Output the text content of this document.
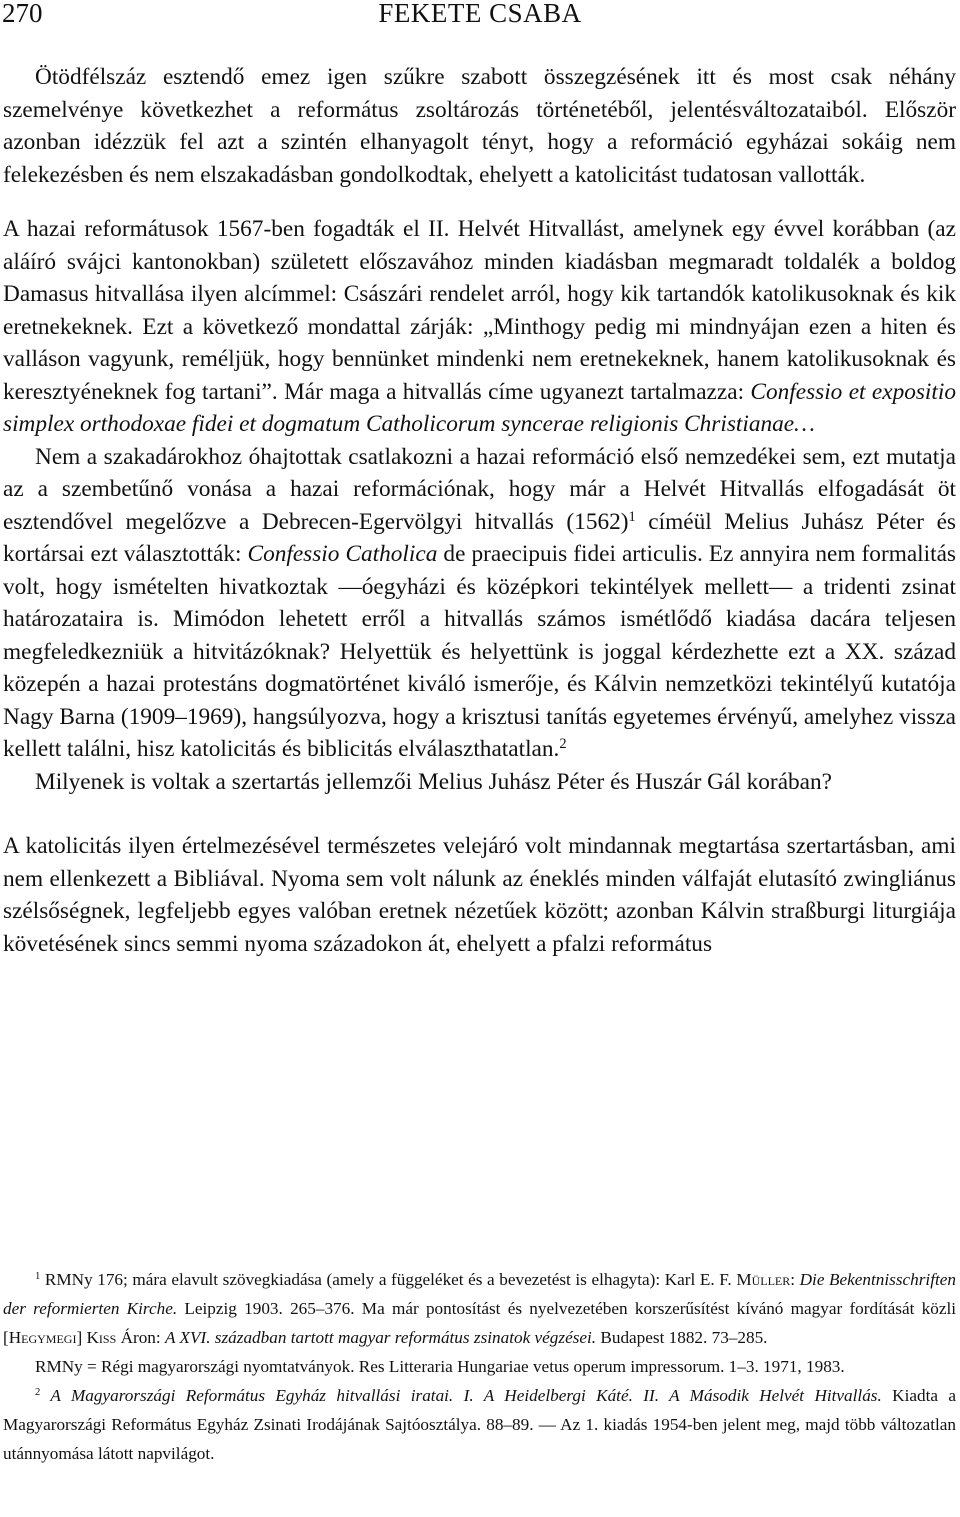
270	FEKETE CSABA

Ötödfélszáz esztendő emez igen szűkre szabott összegzésének itt és most csak néhány szemelvénye következhet a református zsoltározás történetéből, jelentésváltozataiból. Először azonban idézzük fel azt a szintén elhanyagolt tényt, hogy a reformáció egyházai sokáig nem felekezésben és nem elszakadásban gondolkodtak, ehelyett a katolicitást tudatosan vallották.

A hazai reformátusok 1567-ben fogadták el II. Helvét Hitvallást, amelynek egy évvel korábban (az aláíró svájci kantonokban) született előszavához minden kiadásban megmaradt toldalék a boldog Damasus hitvallása ilyen alcímmel: Császári rendelet arról, hogy kik tartandók katolikusoknak és kik eretnekeknek. Ezt a következő mondattal zárják: „Minthogy pedig mi mindnyájan ezen a hiten és valláson vagyunk, reméljük, hogy bennünket mindenki nem eretnekeknek, hanem katolikusoknak és keresztyéneknek fog tartani”. Már maga a hitvallás címe ugyanezt tartalmazza: Confessio et expositio simplex orthodoxae fidei et dogmatum Catholicorum syncerae religionis Christianae…

Nem a szakadárokhoz óhajtottak csatlakozni a hazai reformáció első nemzedékei sem, ezt mutatja az a szembetűnő vonása a hazai reformációnak, hogy már a Helvét Hitvallás elfogadását öt esztendővel megelőzve a Debrecen-Egervölgyi hitvallás $(1562)^1$ címéül Melius Juhász Péter és kortársai ezt választották: Confessio Catholica de praecipuis fidei articulis. Ez annyira nem formalitás volt, hogy ismételten hivatkoztak —óegyházi és középkori tekintélyek mellett— a tridenti zsinat határozataira is. Mimódon lehetett erről a hitvallás számos ismétlődő kiadása dacára teljesen megfeledkezniük a hitvitázóknak? Helyettük és helyettünk is joggal kérdezhette ezt a XX. század közepén a hazai protestáns dogmatörténet kiváló ismerője, és Kálvin nemzetközi tekintélyű kutatója Nagy Barna (1909–1969), hangsúlyozva, hogy a krisztusi tanítás egyetemes érvényű, amelyhez vissza kellett találni, hisz katolicitás és biblicitás elválaszthatatlan.$^2$

Milyenek is voltak a szertartás jellemzői Melius Juhász Péter és Huszár Gál korában?

A katolicitás ilyen értelmezésével természetes velejáró volt mindannak megtartása szertartásban, ami nem ellenkezett a Bibliával. Nyoma sem volt nálunk az éneklés minden válfaját elutasító zwingliánus szélsőségnek, legfeljebb egyes valóban eretnek nézetűek között; azonban Kálvin straßburgi liturgiája követésének sincs semmi nyoma századokon át, ehelyett a pfalzi református

$^1$ RMNy 176; mára elavult szövegkiadása (amely a függeléket és a bevezetést is elhagyta): Karl E. F. Müller: Die Bekentnisschriften der reformierten Kirche. Leipzig 1903. 265–376. Ma már pontosítást és nyelvezetében korszerűsítést kívánó magyar fordítását közli [Hegymegi] Kiss Áron: A XVI. században tartott magyar református zsinatok végzései. Budapest 1882. 73–285.

RMNy = Régi magyarországi nyomtatványok. Res Litteraria Hungariae vetus operum impressorum. 1–3. 1971, 1983.

$^2$ A Magyarországi Református Egyház hitvallási iratai. I. A Heidelbergi Káté. II. A Második Helvét Hitvallás. Kiadta a Magyarországi Református Egyház Zsinati Irodájának Sajtóosztálya. 88–89. — Az 1. kiadás 1954-ben jelent meg, majd több változatlan utánnyomása látott napvilágot.
